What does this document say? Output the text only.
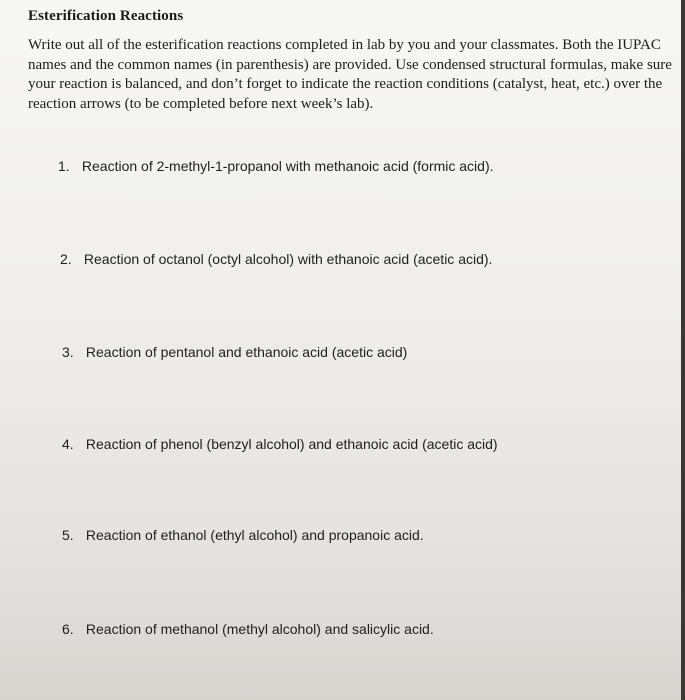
Esterification Reactions
Write out all of the esterification reactions completed in lab by you and your classmates. Both the IUPAC names and the common names (in parenthesis) are provided. Use condensed structural formulas, make sure your reaction is balanced, and don’t forget to indicate the reaction conditions (catalyst, heat, etc.) over the reaction arrows (to be completed before next week’s lab).
1. Reaction of 2-methyl-1-propanol with methanoic acid (formic acid).
2. Reaction of octanol (octyl alcohol) with ethanoic acid (acetic acid).
3. Reaction of pentanol and ethanoic acid (acetic acid)
4. Reaction of phenol (benzyl alcohol) and ethanoic acid (acetic acid)
5. Reaction of ethanol (ethyl alcohol) and propanoic acid.
6. Reaction of methanol (methyl alcohol) and salicylic acid.
